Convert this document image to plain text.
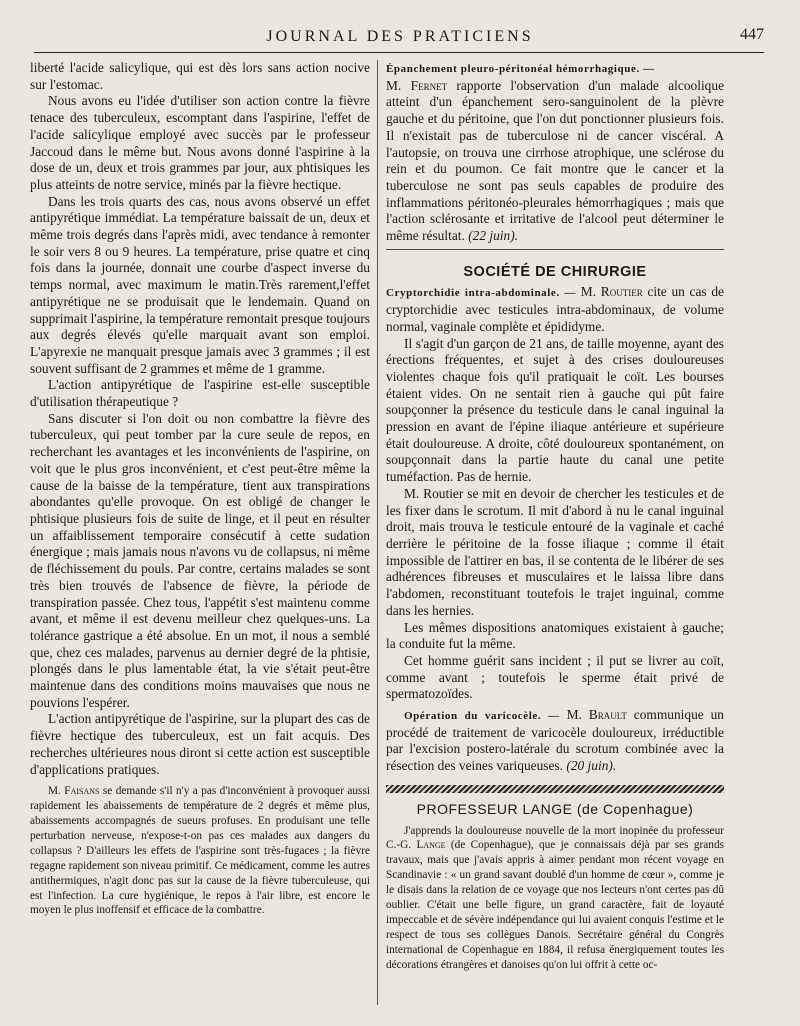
JOURNAL DES PRATICIENS	447

liberté l'acide salicylique, qui est dès lors sans action nocive sur l'estomac.

Nous avons eu l'idée d'utiliser son action contre la fièvre tenace des tuberculeux, escomptant dans l'aspirine, l'effet de l'acide salicylique employé avec succès par le professeur Jaccoud dans le même but. Nous avons donné l'aspirine à la dose de un, deux et trois grammes par jour, aux phtisiques les plus atteints de notre service, minés par la fièvre hectique.

Dans les trois quarts des cas, nous avons observé un effet antipyrétique immédiat. La température baissait de un, deux et même trois degrés dans l'après midi, avec tendance à remonter le soir vers 8 ou 9 heures. La température, prise quatre et cinq fois dans la journée, donnait une courbe d'aspect inverse du temps normal, avec maximum le matin.Très rarement,l'effet antipyrétique ne se produisait que le lendemain. Quand on supprimait l'aspirine, la température remontait presque toujours aux degrés élevés qu'elle marquait avant son emploi. L'apyrexie ne manquait presque jamais avec 3 grammes ; il est souvent suffisant de 2 grammes et même de 1 gramme.

L'action antipyrétique de l'aspirine est-elle susceptible d'utilisation thérapeutique ?

Sans discuter si l'on doit ou non combattre la fièvre des tuberculeux, qui peut tomber par la cure seule de repos, en recherchant les avantages et les inconvénients de l'aspirine, on voit que le plus gros inconvénient, et c'est peut-être même la cause de la baisse de la température, tient aux transpirations abondantes qu'elle provoque. On est obligé de changer le phtisique plusieurs fois de suite de linge, et il peut en résulter un affaiblissement temporaire consécutif à cette sudation énergique ; mais jamais nous n'avons vu de collapsus, ni même de fléchissement du pouls. Par contre, certains malades se sont très bien trouvés de l'absence de fièvre, la période de transpiration passée. Chez tous, l'appétit s'est maintenu comme avant, et même il est devenu meilleur chez quelques-uns. La tolérance gastrique a été absolue. En un mot, il nous a semblé que, chez ces malades, parvenus au dernier degré de la phtisie, plongés dans le plus lamentable état, la vie s'était peut-être maintenue dans des conditions moins mauvaises que nous ne pouvions l'espérer.

L'action antipyrétique de l'aspirine, sur la plupart des cas de fièvre hectique des tuberculeux, est un fait acquis. Des recherches ultérieures nous diront si cette action est susceptible d'applications pratiques.

M. Faisans se demande s'il n'y a pas d'inconvénient à provoquer aussi rapidement les abaissements de température de 2 degrés et même plus, abaissements accompagnés de sueurs profuses. En produisant une telle perturbation nerveuse, n'expose-t-on pas ces malades aux dangers du collapsus ? D'ailleurs les effets de l'aspirine sont très-fugaces ; la fièvre regagne rapidement son niveau primitif. Ce médicament, comme les autres antithermiques, n'agit donc pas sur la cause de la fièvre tuberculeuse, qui est l'infection. La cure hygiénique, le repos à l'air libre, est encore le moyen le plus inoffensif et efficace de la combattre.

Épanchement pleuro-péritonéal hémorrhagique. —

M. Fernet rapporte l'observation d'un malade alcoolique atteint d'un épanchement sero-sanguinolent de la plèvre gauche et du péritoine, que l'on dut ponctionner plusieurs fois. Il n'existait pas de tuberculose ni de cancer viscéral. A l'autopsie, on trouva une cirrhose atrophique, une sclérose du rein et du poumon. Ce fait montre que le cancer et la tuberculose ne sont pas seuls capables de produire des inflammations péritonéo-pleurales hémorrhagiques ; mais que l'action sclérosante et irritative de l'alcool peut déterminer le même résultat. (22 juin).

SOCIÉTÉ DE CHIRURGIE

Cryptorchidie intra-abdominale. — M. Routier cite un cas de cryptorchidie avec testicules intra-abdominaux, de volume normal, vaginale complète et épididyme.

Il s'agit d'un garçon de 21 ans, de taille moyenne, ayant des érections fréquentes, et sujet à des crises douloureuses violentes chaque fois qu'il pratiquait le coït. Les bourses étaient vides. On ne sentait rien à gauche qui pût faire soupçonner la présence du testicule dans le canal inguinal la pression en avant de l'épine iliaque antérieure et supérieure était douloureuse. A droite, côté douloureux spontanément, on soupçonnait dans la partie haute du canal une petite tuméfaction. Pas de hernie.

M. Routier se mit en devoir de chercher les testicules et de les fixer dans le scrotum. Il mit d'abord à nu le canal inguinal droit, mais trouva le testicule entouré de la vaginale et caché derrière le péritoine de la fosse iliaque ; comme il était impossible de l'attirer en bas, il se contenta de le libérer de ses adhérences fibreuses et musculaires et le laissa libre dans l'abdomen, reconstituant toutefois le trajet inguinal, comme dans les hernies.

Les mêmes dispositions anatomiques existaient à gauche; la conduite fut la même.

Cet homme guérit sans incident ; il put se livrer au coït, comme avant ; toutefois le sperme était privé de spermatozoïdes.

Opération du varicocèle. — M. Brault communique un procédé de traitement de varicocèle douloureux, irréductible par l'excision postero-latérale du scrotum combinée avec la résection des veines variqueuses. (20 juin).

PROFESSEUR LANGE (de Copenhague)

J'apprends la douloureuse nouvelle de la mort inopinée du professeur C.-G. Lange (de Copenhague), que je connaissais déjà par ses grands travaux, mais que j'avais appris à aimer pendant mon récent voyage en Scandinavie : « un grand savant doublé d'un homme de cœur », comme je le disais dans la relation de ce voyage que nos lecteurs n'ont certes pas dû oublier. C'était une belle figure, un grand caractère, fait de loyauté impeccable et de sévère indépendance qui lui avaient conquis l'estime et le respect de tous ses collègues Danois. Secrétaire général du Congrès international de Copenhague en 1884, il refusa énergiquement toutes les décorations étrangères et danoises qu'on lui offrit à cette oc-
